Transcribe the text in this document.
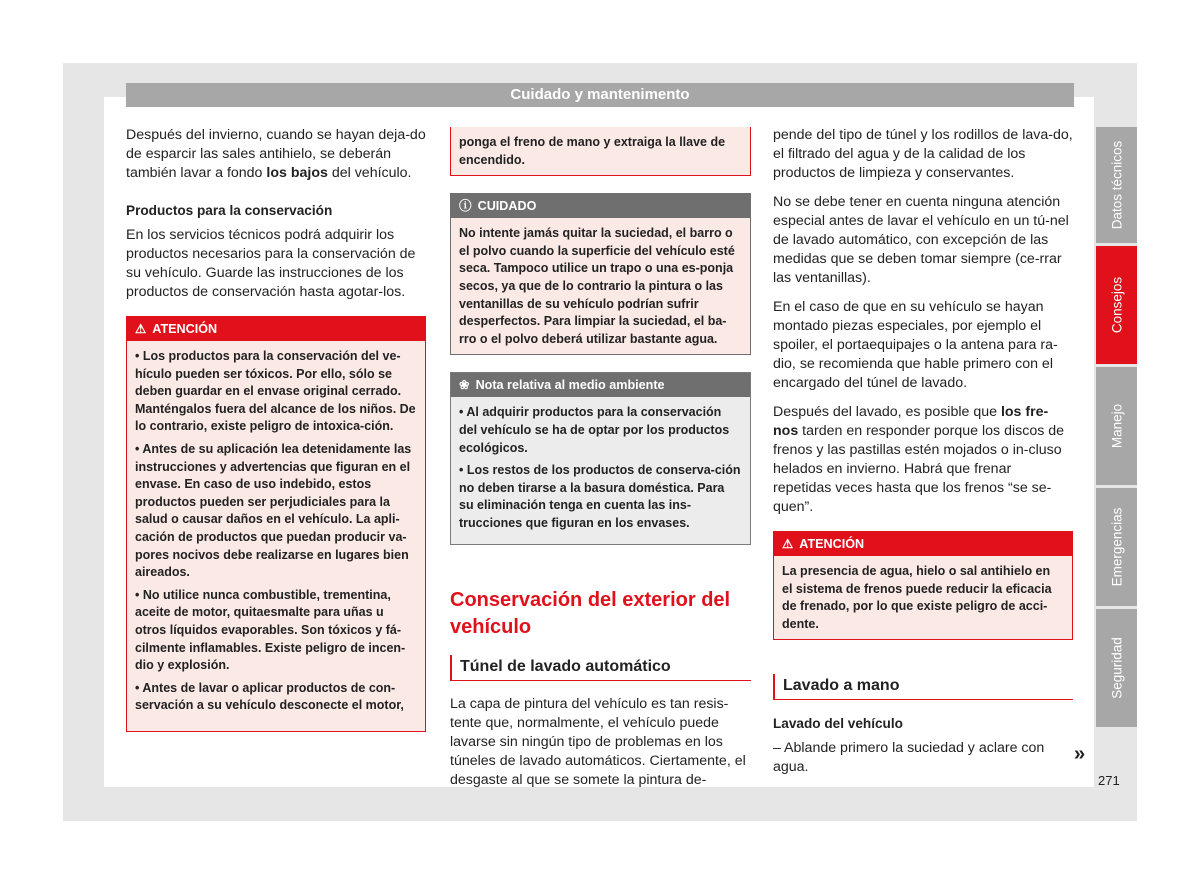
Cuidado y mantenimento

Después del invierno, cuando se hayan deja-do de esparcir las sales antihielo, se deberán también lavar a fondo los bajos del vehículo.

Productos para la conservación

En los servicios técnicos podrá adquirir los productos necesarios para la conservación de su vehículo. Guarde las instrucciones de los productos de conservación hasta agotar-los.

⚠ ATENCIÓN

• Los productos para la conservación del ve-hículo pueden ser tóxicos. Por ello, sólo se deben guardar en el envase original cerrado. Manténgalos fuera del alcance de los niños. De lo contrario, existe peligro de intoxica-ción.

• Antes de su aplicación lea detenidamente las instrucciones y advertencias que figuran en el envase. En caso de uso indebido, estos productos pueden ser perjudiciales para la salud o causar daños en el vehículo. La apli-cación de productos que puedan producir va-pores nocivos debe realizarse en lugares bien aireados.

• No utilice nunca combustible, trementina, aceite de motor, quitaesmalte para uñas u otros líquidos evaporables. Son tóxicos y fá-cilmente inflamables. Existe peligro de incen-dio y explosión.

• Antes de lavar o aplicar productos de con-servación a su vehículo desconecte el motor,

ponga el freno de mano y extraiga la llave de encendido.
ⓘ CUIDADO
No intente jamás quitar la suciedad, el barro o el polvo cuando la superficie del vehículo esté seca. Tampoco utilice un trapo o una es-ponja secos, ya que de lo contrario la pintura o las ventanillas de su vehículo podrían sufrir desperfectos. Para limpiar la suciedad, el ba-rro o el polvo deberá utilizar bastante agua.
❀ Nota relativa al medio ambiente

• Al adquirir productos para la conservación del vehículo se ha de optar por los productos ecológicos.

• Los restos de los productos de conserva-ción no deben tirarse a la basura doméstica. Para su eliminación tenga en cuenta las ins-trucciones que figuran en los envases.

Conservación del exterior del vehículo
Túnel de lavado automático

La capa de pintura del vehículo es tan resis-tente que, normalmente, el vehículo puede lavarse sin ningún tipo de problemas en los túneles de lavado automáticos. Ciertamente, el desgaste al que se somete la pintura de-

pende del tipo de túnel y los rodillos de lava-do, el filtrado del agua y de la calidad de los productos de limpieza y conservantes.

No se debe tener en cuenta ninguna atención especial antes de lavar el vehículo en un tú-nel de lavado automático, con excepción de las medidas que se deben tomar siempre (ce-rrar las ventanillas).

En el caso de que en su vehículo se hayan montado piezas especiales, por ejemplo el spoiler, el portaequipajes o la antena para ra-dio, se recomienda que hable primero con el encargado del túnel de lavado.

Después del lavado, es posible que los fre-nos tarden en responder porque los discos de frenos y las pastillas estén mojados o in-cluso helados en invierno. Habrá que frenar repetidas veces hasta que los frenos “se se-quen”.

⚠ ATENCIÓN
La presencia de agua, hielo o sal antihielo en el sistema de frenos puede reducir la eficacia de frenado, por lo que existe peligro de acci-dente.
Lavado a mano
Lavado del vehículo

– Ablande primero la suciedad y aclare con agua.

Datos técnicos
Consejos
Manejo
Emergencias
Seguridad
»
271
